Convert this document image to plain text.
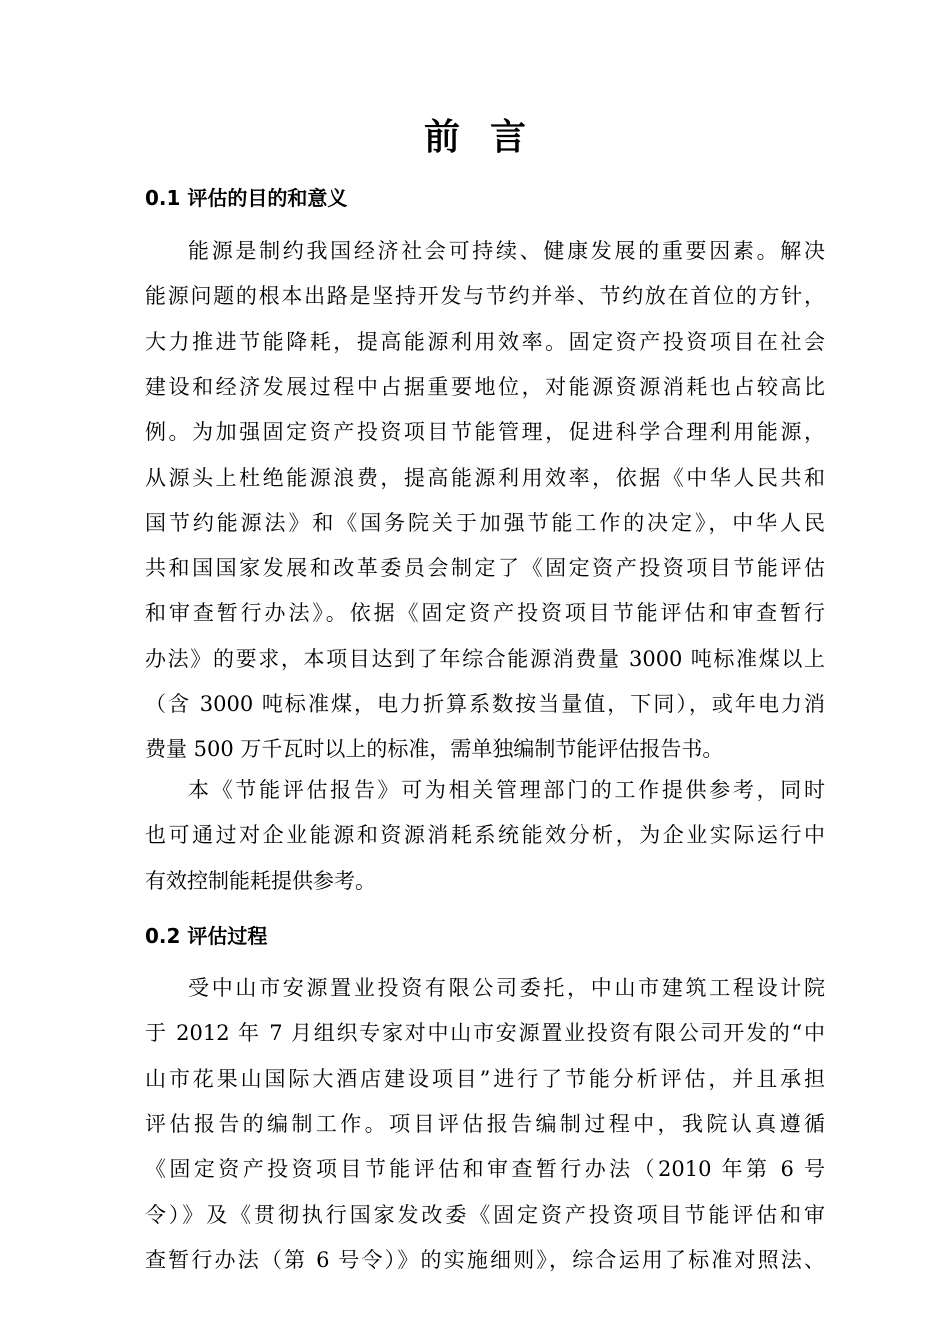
前言
0.1 评估的目的和意义
能源是制约我国经济社会可持续、健康发展的重要因素。解决
能源问题的根本出路是坚持开发与节约并举、节约放在首位的方针，
大力推进节能降耗，提高能源利用效率。固定资产投资项目在社会
建设和经济发展过程中占据重要地位，对能源资源消耗也占较高比
例。为加强固定资产投资项目节能管理，促进科学合理利用能源，
从源头上杜绝能源浪费，提高能源利用效率，依据《中华人民共和
国节约能源法》和《国务院关于加强节能工作的决定》，中华人民
共和国国家发展和改革委员会制定了《固定资产投资项目节能评估
和审查暂行办法》。依据《固定资产投资项目节能评估和审查暂行
办法》的要求，本项目达到了年综合能源消费量 3000 吨标准煤以上
（含 3000 吨标准煤，电力折算系数按当量值，下同），或年电力消
费量 500 万千瓦时以上的标准，需单独编制节能评估报告书。
本《节能评估报告》可为相关管理部门的工作提供参考，同时
也可通过对企业能源和资源消耗系统能效分析，为企业实际运行中
有效控制能耗提供参考。
0.2 评估过程
受中山市安源置业投资有限公司委托，中山市建筑工程设计院
于 2012 年 7 月组织专家对中山市安源置业投资有限公司开发的“中
山市花果山国际大酒店建设项目”进行了节能分析评估，并且承担
评估报告的编制工作。项目评估报告编制过程中，我院认真遵循
《固定资产投资项目节能评估和审查暂行办法（2010 年第 6 号
令）》及《贯彻执行国家发改委《固定资产投资项目节能评估和审
查暂行办法（第 6 号令）》的实施细则》，综合运用了标准对照法、
